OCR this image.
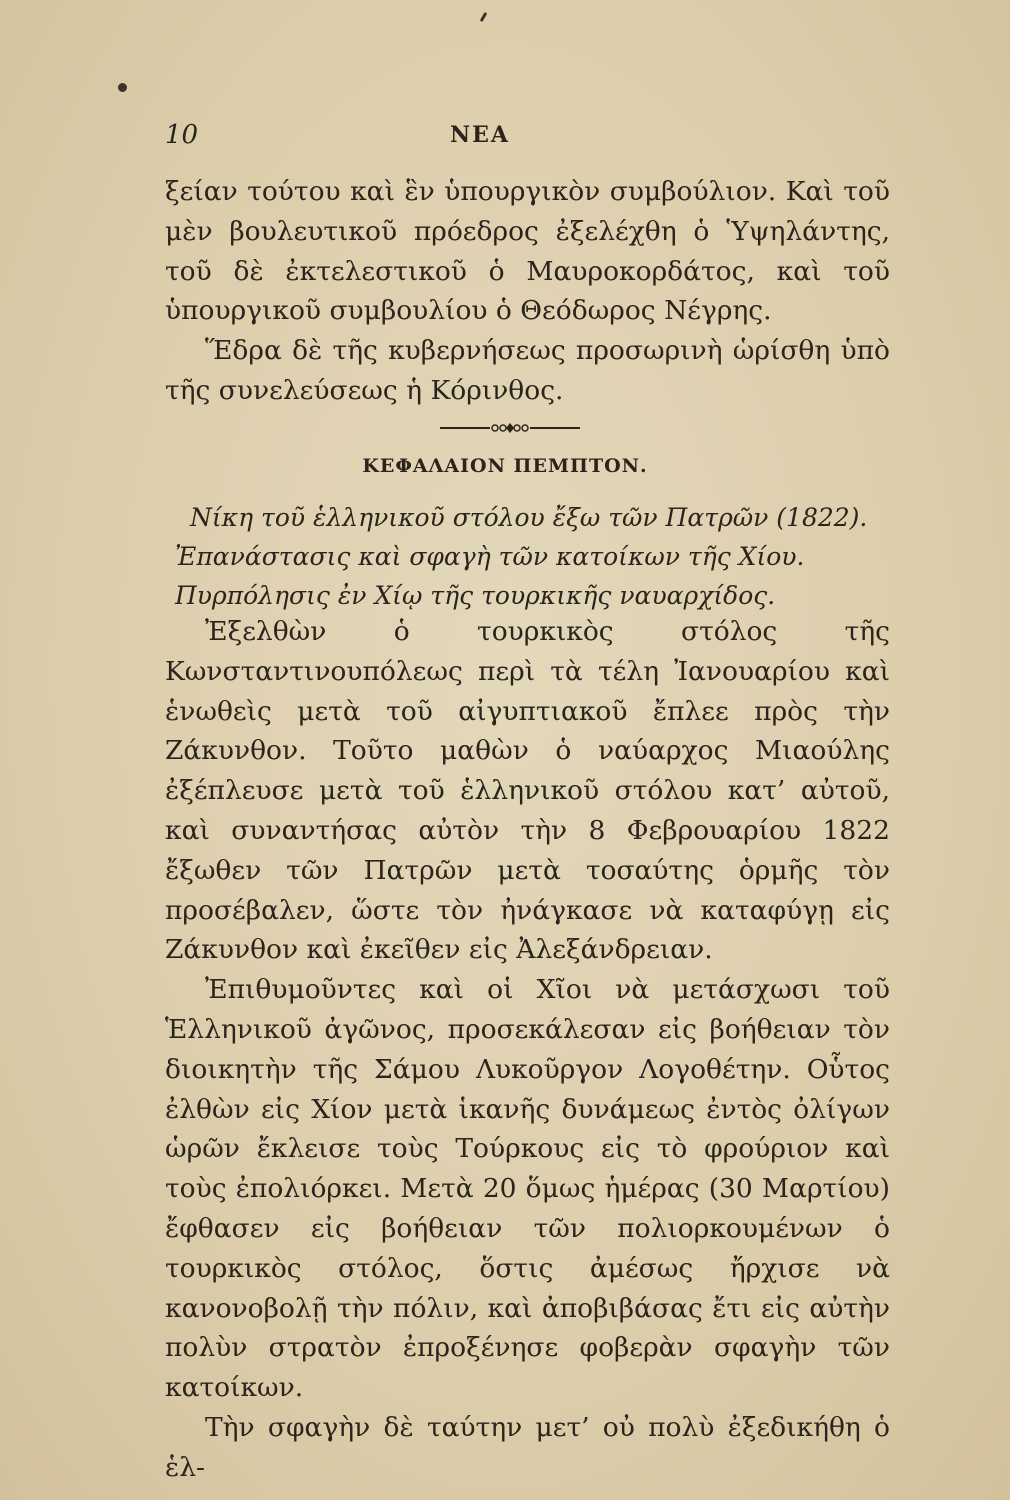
10	ΝΕΑ

ξείαν τούτου καὶ ἓν ὑπουργικὸν συμβούλιον. Καὶ τοῦ μὲν βουλευτικοῦ πρόεδρος ἐξελέχθη ὁ Ὑψηλάντης, τοῦ δὲ ἐκτελεστικοῦ ὁ Μαυροκορδάτος, καὶ τοῦ ὑπουργικοῦ συμβουλίου ὁ Θεόδωρος Νέγρης.

Ἕδρα δὲ τῆς κυβερνήσεως προσωρινὴ ὡρίσθη ὑπὸ τῆς συνελεύσεως ἡ Κόρινθος.

ΚΕΦΑΛΑΙΟΝ ΠΕΜΠΤΟΝ.

Νίκη τοῦ ἑλληνικοῦ στόλου ἔξω τῶν Πατρῶν (1822). Ἐπανάστασις καὶ σφαγὴ τῶν κατοίκων τῆς Χίου. Πυρπόλησις ἐν Χίῳ τῆς τουρκικῆς ναυαρχίδος.

Ἐξελθὼν ὁ τουρκικὸς στόλος τῆς Κωνσταντινουπόλεως περὶ τὰ τέλη Ἰανουαρίου καὶ ἑνωθεὶς μετὰ τοῦ αἰγυπτιακοῦ ἔπλεε πρὸς τὴν Ζάκυνθον. Τοῦτο μαθὼν ὁ ναύαρχος Μιαούλης ἐξέπλευσε μετὰ τοῦ ἑλληνικοῦ στόλου κατ’ αὐτοῦ, καὶ συναντήσας αὐτὸν τὴν 8 Φεβρουαρίου 1822 ἔξωθεν τῶν Πατρῶν μετὰ τοσαύτης ὁρμῆς τὸν προσέβαλεν, ὥστε τὸν ἠνάγκασε νὰ καταφύγῃ εἰς Ζάκυνθον καὶ ἐκεῖθεν εἰς Ἀλεξάνδρειαν.

Ἐπιθυμοῦντες καὶ οἱ Χῖοι νὰ μετάσχωσι τοῦ Ἑλληνικοῦ ἀγῶνος, προσεκάλεσαν εἰς βοήθειαν τὸν διοικητὴν τῆς Σάμου Λυκοῦργον Λογοθέτην. Οὗτος ἐλθὼν εἰς Χίον μετὰ ἱκανῆς δυνάμεως ἐντὸς ὀλίγων ὡρῶν ἔκλεισε τοὺς Τούρκους εἰς τὸ φρούριον καὶ τοὺς ἐπολιόρκει. Μετὰ 20 ὅμως ἡμέρας (30 Μαρτίου) ἔφθασεν εἰς βοήθειαν τῶν πολιορκουμένων ὁ τουρκικὸς στόλος, ὅστις ἀμέσως ἤρχισε νὰ κανονοβολῇ τὴν πόλιν, καὶ ἀποβιβάσας ἔτι εἰς αὐτὴν πολὺν στρατὸν ἐπροξένησε φοβερὰν σφαγὴν τῶν κατοίκων.

Τὴν σφαγὴν δὲ ταύτην μετ’ οὐ πολὺ ἐξεδικήθη ὁ ἑλ-
